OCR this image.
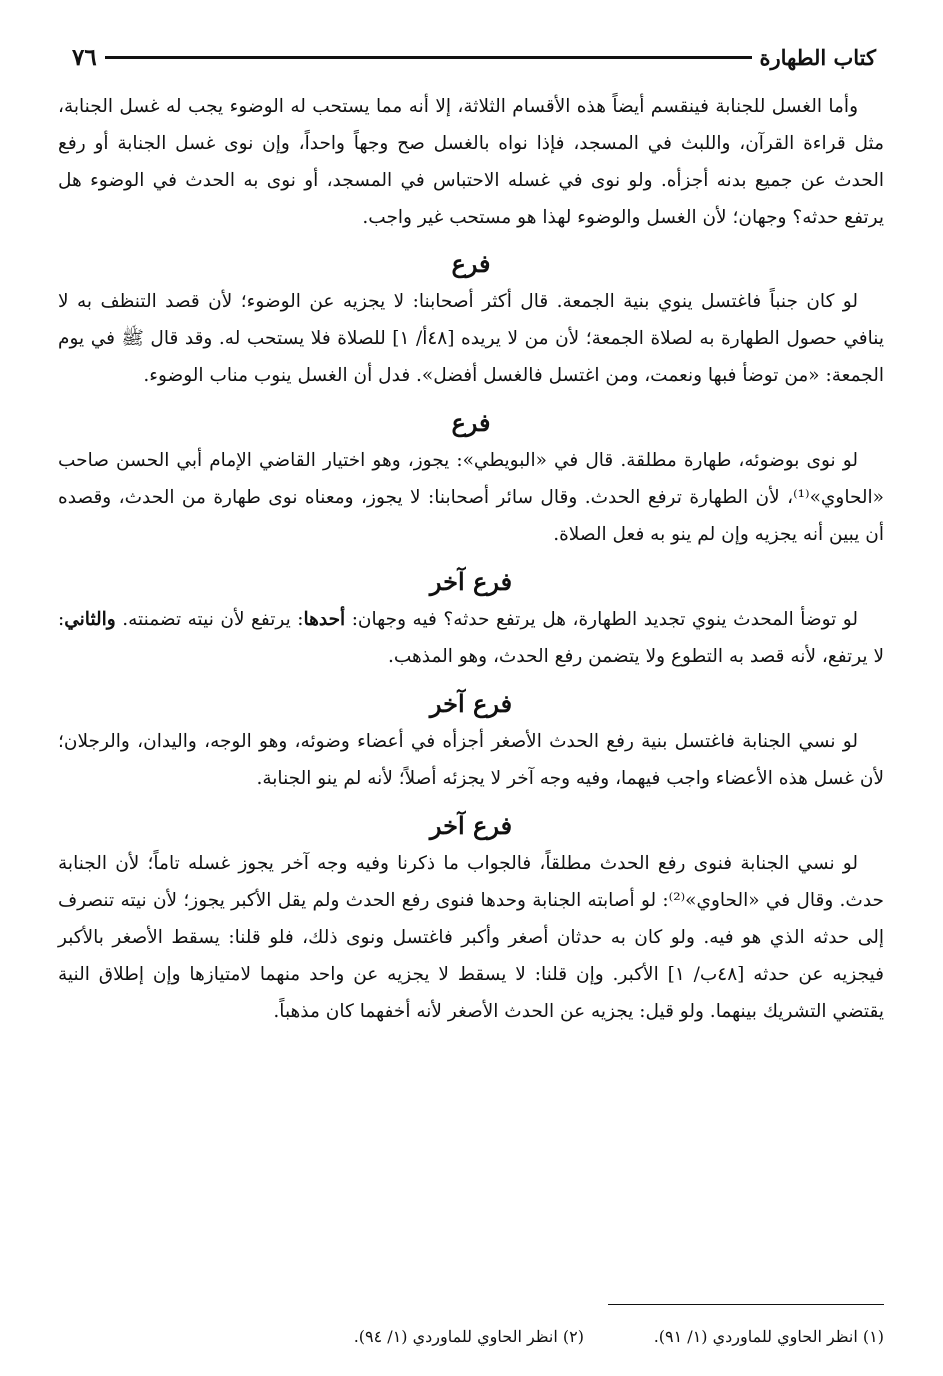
كتاب الطهارة
٧٦

وأما الغسل للجنابة فينقسم أيضاً هذه الأقسام الثلاثة، إلا أنه مما يستحب له الوضوء يجب له غسل الجنابة، مثل قراءة القرآن، واللبث في المسجد، فإذا نواه بالغسل صح وجهاً واحداً، وإن نوى غسل الجنابة أو رفع الحدث عن جميع بدنه أجزأه. ولو نوى في غسله الاحتباس في المسجد، أو نوى به الحدث في الوضوء هل يرتفع حدثه؟ وجهان؛ لأن الغسل والوضوء لهذا هو مستحب غير واجب.

فرع

لو كان جنباً فاغتسل ينوي بنية الجمعة. قال أكثر أصحابنا: لا يجزيه عن الوضوء؛ لأن قصد التنظف به لا ينافي حصول الطهارة به لصلاة الجمعة؛ لأن من لا يريده [٤٨أ/ ١] للصلاة فلا يستحب له. وقد قال ﷺ في يوم الجمعة: «من توضأ فبها ونعمت، ومن اغتسل فالغسل أفضل». فدل أن الغسل ينوب مناب الوضوء.

فرع

لو نوى بوضوئه، طهارة مطلقة. قال في «البويطي»: يجوز، وهو اختيار القاضي الإمام أبي الحسن صاحب «الحاوي»⁽¹⁾، لأن الطهارة ترفع الحدث. وقال سائر أصحابنا: لا يجوز، ومعناه نوى طهارة من الحدث، وقصده أن يبين أنه يجزيه وإن لم ينو به فعل الصلاة.

فرع آخر

لو توضأ المحدث ينوي تجديد الطهارة، هل يرتفع حدثه؟ فيه وجهان: أحدها: يرتفع لأن نيته تضمنته. والثاني: لا يرتفع، لأنه قصد به التطوع ولا يتضمن رفع الحدث، وهو المذهب.

فرع آخر

لو نسي الجنابة فاغتسل بنية رفع الحدث الأصغر أجزأه في أعضاء وضوئه، وهو الوجه، واليدان، والرجلان؛ لأن غسل هذه الأعضاء واجب فيهما، وفيه وجه آخر لا يجزئه أصلاً؛ لأنه لم ينو الجنابة.

فرع آخر

لو نسي الجنابة فنوى رفع الحدث مطلقاً، فالجواب ما ذكرنا وفيه وجه آخر يجوز غسله تاماً؛ لأن الجنابة حدث. وقال في «الحاوي»⁽²⁾: لو أصابته الجنابة وحدها فنوى رفع الحدث ولم يقل الأكبر يجوز؛ لأن نيته تنصرف إلى حدثه الذي هو فيه. ولو كان به حدثان أصغر وأكبر فاغتسل ونوى ذلك، فلو قلنا: يسقط الأصغر بالأكبر فيجزيه عن حدثه [٤٨ب/ ١] الأكبر. وإن قلنا: لا يسقط لا يجزيه عن واحد منهما لامتيازها وإن إطلاق النية يقتضي التشريك بينهما. ولو قيل: يجزيه عن الحدث الأصغر لأنه أخفهما كان مذهباً.

(١) انظر الحاوي للماوردي (١/ ٩١).
(٢) انظر الحاوي للماوردي (١/ ٩٤).
